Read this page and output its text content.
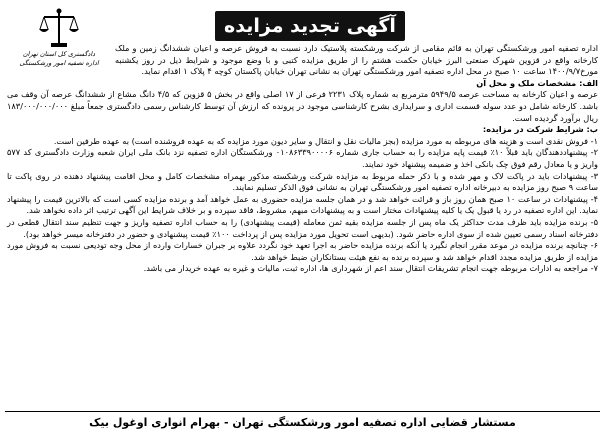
دادگستری کل استان تهران
اداره تصفیه امور ورشکستگی
آگهی تجدید مزایده

اداره تصفیه امور ورشکستگی تهران به قائم مقامی از شرکت ورشکسته پلاستیک دارد نسبت به فروش عرصه و اعیان ششدانگ زمین و ملک کارخانه واقع در قزوین شهرک صنعتی البرز خیابان حکمت هشتم را از طریق مزایده کتبی و با وضع موجود و شرایط ذیل در روز یکشنبه مورخ۱۴۰۰/۹/۷ ساعت ۱۰ صبح در محل اداره تصفیه امور ورشکستگی تهران به نشانی تهران خیابان پاکستان کوچه ۴ پلاک ۱ اقدام نماید.

الف: مشخصات ملک و محل آن

عرصه و اعیان کارخانه به مساحت عرصه ۵۹۴۹/۵ مترمربع به شماره پلاک ۲۲۳۱ فرعی از ۱۷ اصلی واقع در بخش ۵ قزوین که ۴/۵ دانگ مشاع از ششدانگ عرصه آن وقف می باشد. کارخانه شامل دو عدد سوله قسمت اداری و سرایداری بشرح کارشناسی موجود در پرونده که ارزش آن توسط کارشناس رسمی دادگستری جمعاً مبلغ ۱۸۳/۰۰۰/۰۰۰/۰۰۰ ریال برآورد گردیده است.

ب: شرایط شرکت در مزایده:

۱- فروش نقدی است و هزینه های مربوطه به مورد مزایده (بجز مالیات نقل و انتقال و سایر دیون مورد مزایده که به عهده فروشنده است) به عهده طرفین است.

۲- پیشنهاددهندگان باید قبلاً ۱۰٪ قیمت پایه مزایده را به حساب جاری شماره ۰۱۰۸۶۳۳۹۰۰۰۰۶ ورشکستگان اداره تصفیه نزد بانک ملی ایران شعبه وزارت دادگستری کد ۵۷۷ واریز و یا معادل رقم فوق چک بانکی اخذ و ضمیمه پیشنهاد خود نمایند.

۳- پیشنهادات باید در پاکت لاک و مهر شده و با ذکر حمله مربوط به مزایده شرکت ورشکسته مذکور بهمراه مشخصات کامل و محل اقامت پیشنهاد دهنده در روی پاکت تا ساعت ۹ صبح روز مزایده به دبیرخانه اداره تصفیه امور ورشکستگی تهران به نشانی فوق الذکر تسلیم نمایند.

۴- پیشنهادات در ساعت ۱۰ صبح همان روز باز و قرائت خواهد شد و در همان جلسه مزایده حضوری به عمل خواهد آمد و برنده مزایده کسی است که بالاترین قیمت را پیشنهاد نماید. این اداره تصفیه در رد یا قبول یک یا کلیه پیشنهادات مختار است و به پیشنهادات مبهم، مشروط، فاقد سپرده و بر خلاف شرایط این آگهی ترتیب اثر داده نخواهد شد.

۵- برنده مزایده باید ظرف مدت حداکثر یک ماه پس از جلسه مزایده بقیه ثمن معامله (قیمت پیشنهادی) را به حساب اداره تصفیه واریز و جهت تنظیم سند انتقال قطعی در دفترخانه اسناد رسمی تعیین شده از سوی اداره حاضر شود. (بدیهی است تحویل مورد مزایده پس از پرداخت ۱۰۰٪ قیمت پیشنهادی و حضور در دفترخانه میسر خواهد بود).

۶- چنانچه برنده مزایده در موعد مقرر انجام نگیرد یا آنکه برنده مزایده حاضر به اجرا تعهد خود نگردد علاوه بر جبران خسارات وارده از محل وجه تودیعی نسبت به فروش مورد مزایده از طریق مزایده مجدد اقدام خواهد شد و سپرده برنده به نفع هیئت بستانکاران ضبط خواهد شد.

۷- مراجعه به ادارات مربوطه جهت انجام تشریفات انتقال سند اعم از شهرداری ها، اداره ثبت، مالیات و غیره به عهده خریدار می باشد.

مستشار قضایی اداره تصفیه امور ورشکستگی تهران - بهرام انواری اوغول بیک
